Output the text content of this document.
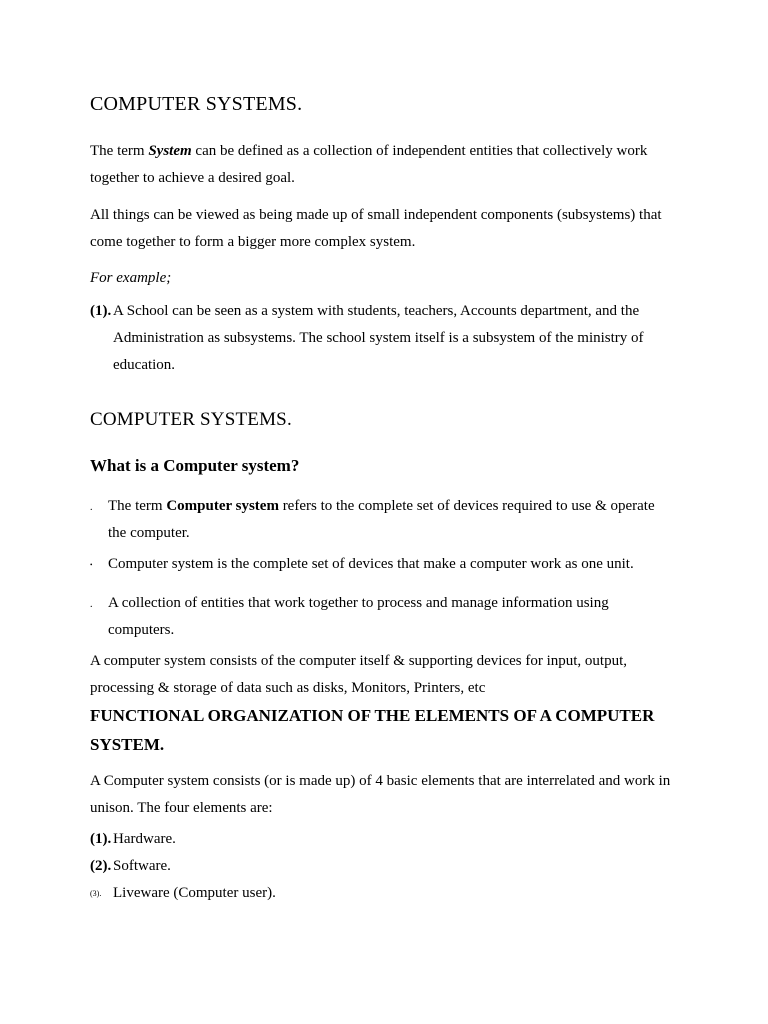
COMPUTER SYSTEMS.
The term System can be defined as a collection of independent entities that collectively work
together to achieve a desired goal.
All things can be viewed as being made up of small independent components (subsystems) that
come together to form a bigger more complex system.
For example;
(1). A School can be seen as a system with students, teachers, Accounts department, and the
Administration as subsystems. The school system itself is a subsystem of the ministry of
education.
COMPUTER SYSTEMS.
What is a Computer system?
. The term Computer system refers to the complete set of devices required to use & operate
the computer.
• Computer system is the complete set of devices that make a computer work as one unit.
. A collection of entities that work together to process and manage information using
computers.
A computer system consists of the computer itself & supporting devices for input, output,
processing & storage of data such as disks, Monitors, Printers, etc
FUNCTIONAL ORGANIZATION OF THE ELEMENTS OF A COMPUTER
SYSTEM.
A Computer system consists (or is made up) of 4 basic elements that are interrelated and work in
unison. The four elements are:
(1). Hardware.
(2). Software.
(3). Liveware (Computer user).
